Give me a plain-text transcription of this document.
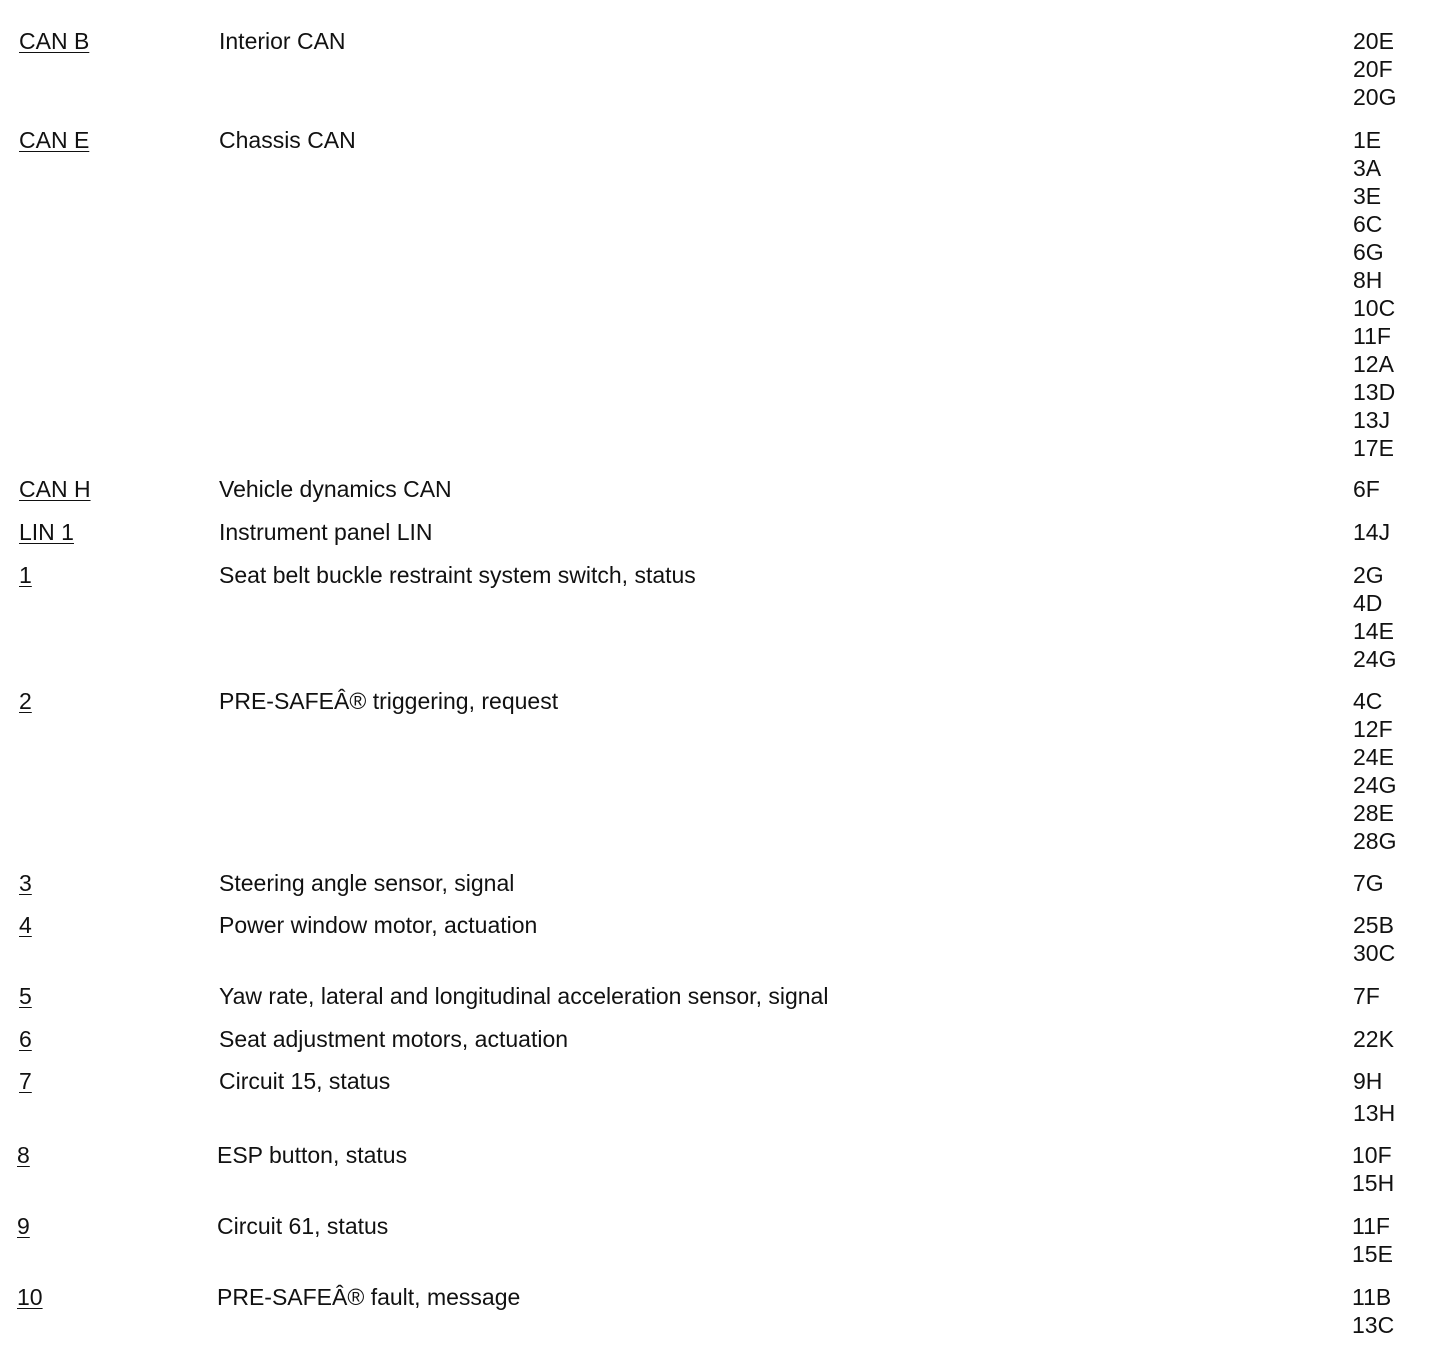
CAN B	Interior CAN	20E
20F
20G
CAN E	Chassis CAN	1E
3A
3E
6C
6G
8H
10C
11F
12A
13D
13J
17E
CAN H	Vehicle dynamics CAN	6F
LIN 1	Instrument panel LIN	14J
1	Seat belt buckle restraint system switch, status	2G
4D
14E
24G
2	PRE-SAFEÂ® triggering, request	4C
12F
24E
24G
28E
28G
3	Steering angle sensor, signal	7G
4	Power window motor, actuation	25B
30C
5	Yaw rate, lateral and longitudinal acceleration sensor, signal	7F
6	Seat adjustment motors, actuation	22K
7	Circuit 15, status	9H
13H
8	ESP button, status	10F
15H
9	Circuit 61, status	11F
15E
10	PRE-SAFEÂ® fault, message	11B
13C
